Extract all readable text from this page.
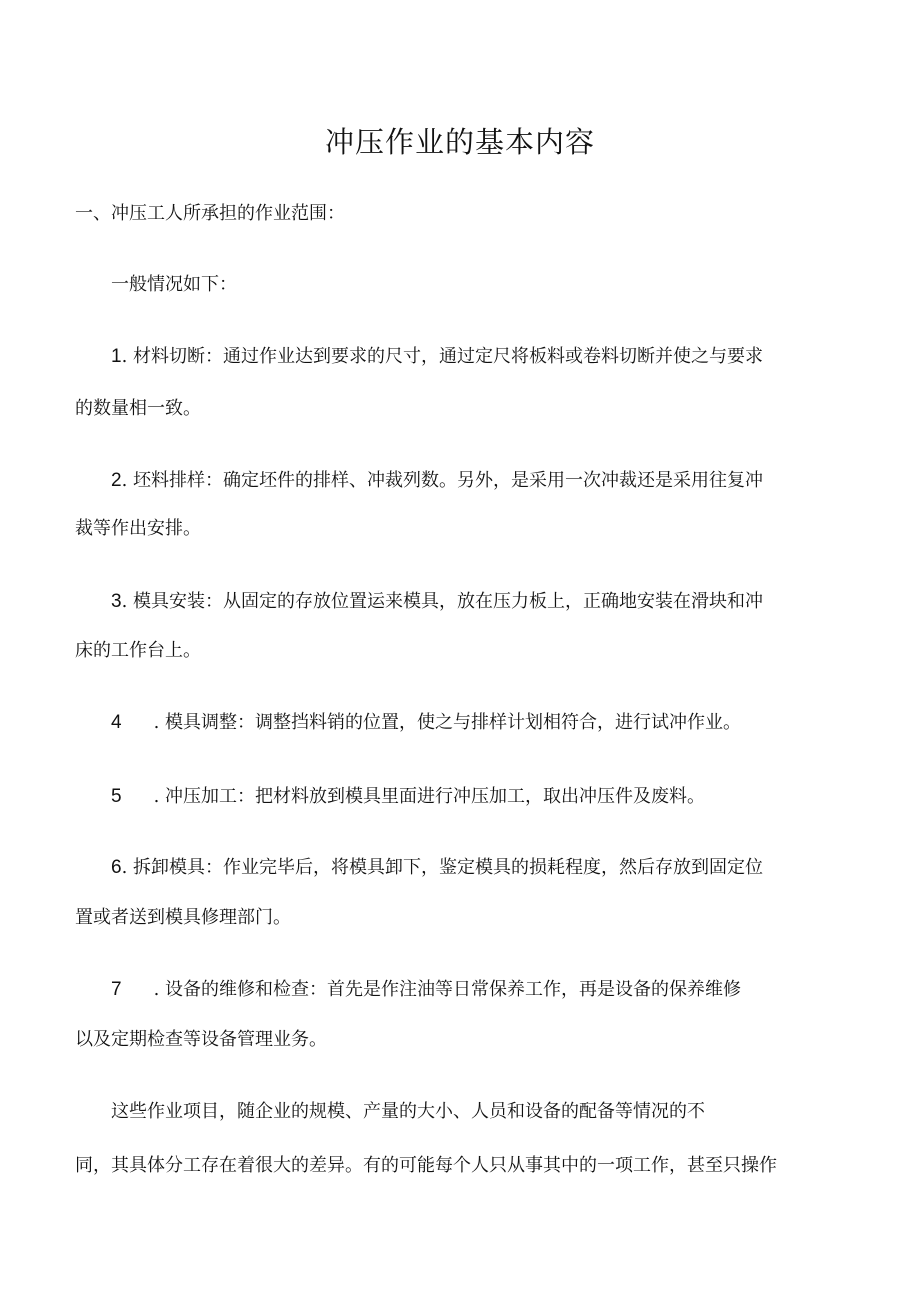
冲压作业的基本内容
一、冲压工人所承担的作业范围：
一般情况如下：
1. 材料切断：通过作业达到要求的尺寸，通过定尺将板料或卷料切断并使之与要求
的数量相一致。
2. 坯料排样：确定坯件的排样、冲裁列数。另外，是采用一次冲裁还是采用往复冲
裁等作出安排。
3. 模具安装：从固定的存放位置运来模具，放在压力板上，正确地安装在滑块和冲
床的工作台上。
4 . 模具调整：调整挡料销的位置，使之与排样计划相符合，进行试冲作业。
5 . 冲压加工：把材料放到模具里面进行冲压加工，取出冲压件及废料。
6. 拆卸模具：作业完毕后，将模具卸下，鉴定模具的损耗程度，然后存放到固定位
置或者送到模具修理部门。
7 . 设备的维修和检查：首先是作注油等日常保养工作，再是设备的保养维修
以及定期检查等设备管理业务。
这些作业项目，随企业的规模、产量的大小、人员和设备的配备等情况的不
同，其具体分工存在着很大的差异。有的可能每个人只从事其中的一项工作，甚至只操作
